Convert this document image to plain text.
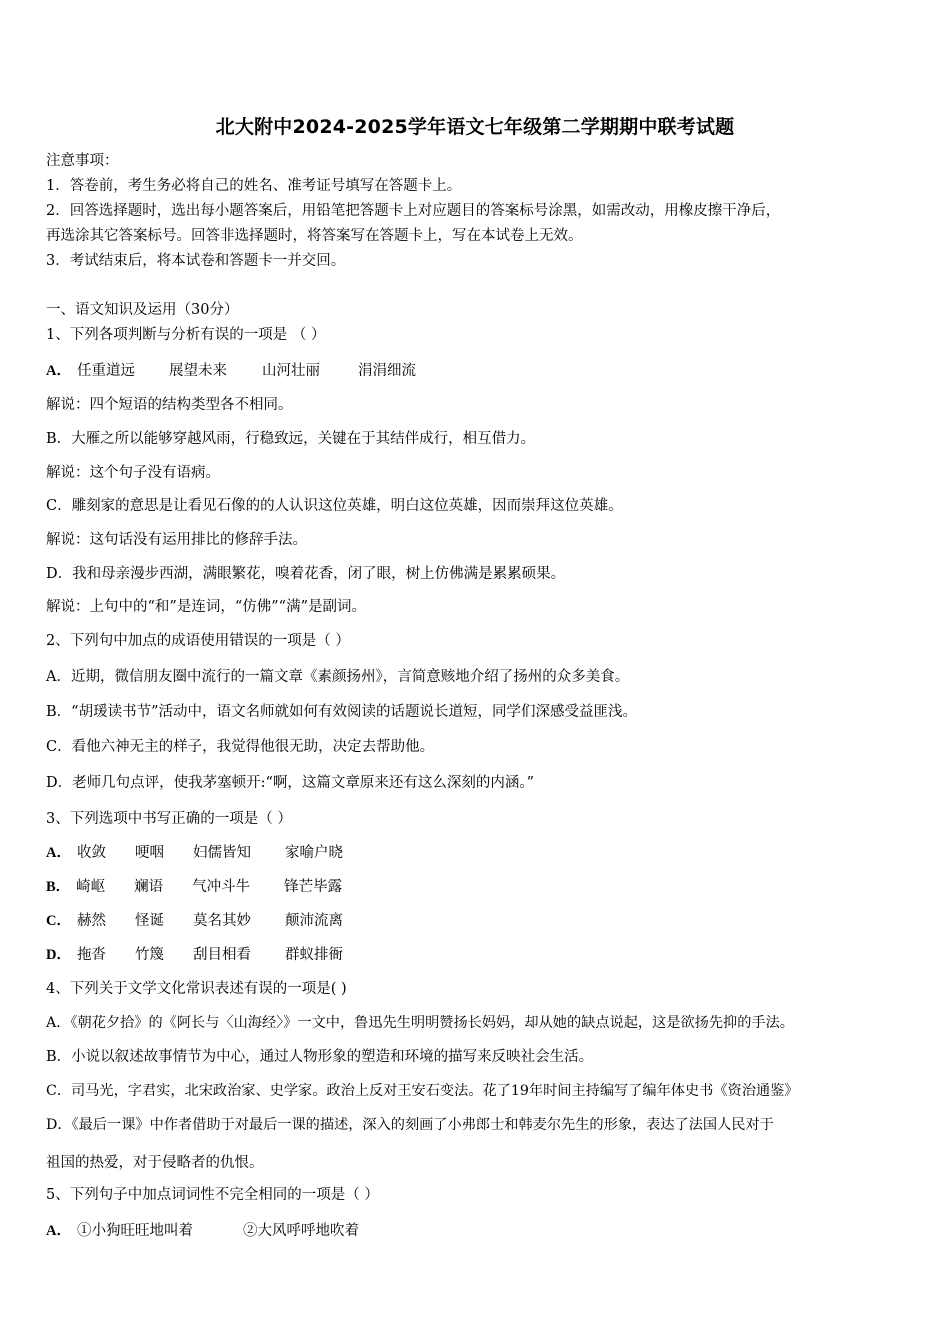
北大附中2024-2025学年语文七年级第二学期期中联考试题
注意事项：
1．答卷前，考生务必将自己的姓名、准考证号填写在答题卡上。
2．回答选择题时，选出每小题答案后，用铅笔把答题卡上对应题目的答案标号涂黑，如需改动，用橡皮擦干净后，
再选涂其它答案标号。回答非选择题时，将答案写在答题卡上，写在本试卷上无效。
3．考试结束后，将本试卷和答题卡一并交回。
一、语文知识及运用（30分）
1、下列各项判断与分析有误的一项是 （ ）
A． 任重道远 展望未来 山河壮丽	涓涓细流
解说：四个短语的结构类型各不相同。
B．大雁之所以能够穿越风雨，行稳致远，关键在于其结伴成行，相互借力。
解说：这个句子没有语病。
C．雕刻家的意思是让看见石像的的人认识这位英雄，明白这位英雄，因而崇拜这位英雄。
解说：这句话没有运用排比的修辞手法。
D．我和母亲漫步西湖，满眼繁花，嗅着花香，闭了眼，树上仿佛满是累累硕果。
解说：上句中的“和”是连词，“仿佛”“满”是副词。
2、下列句中加点的成语使用错误的一项是（ ）
A．近期，微信朋友圈中流行的一篇文章《素颜扬州》，言简意赅地介绍了扬州的众多美食。
B．“胡瑗读书节”活动中，语文名师就如何有效阅读的话题说长道短，同学们深感受益匪浅。
C．看他六神无主的样子，我觉得他很无助，决定去帮助他。
D．老师几句点评，使我茅塞顿开:“啊，这篇文章原来还有这么深刻的内涵。”
3、下列选项中书写正确的一项是（ ）
A． 收敛 哽咽 妇儒皆知 家喻户晓
B． 崎岖 斓语 气冲斗牛 锋芒毕露
C． 赫然 怪诞 莫名其妙 颠沛流离
D． 拖沓 竹篾 刮目相看 群蚁排衙
4、下列关于文学文化常识表述有误的一项是( )
A．《朝花夕拾》的《阿长与〈山海经〉》一文中，鲁迅先生明明赞扬长妈妈，却从她的缺点说起，这是欲扬先抑的手法。
B．小说以叙述故事情节为中心，通过人物形象的塑造和环境的描写来反映社会生活。
C．司马光，字君实，北宋政治家、史学家。政治上反对王安石变法。花了19年时间主持编写了编年体史书《资治通鉴》
D．《最后一课》中作者借助于对最后一课的描述，深入的刻画了小弗郎士和韩麦尔先生的形象，表达了法国人民对于
祖国的热爱，对于侵略者的仇恨。
5、下列句子中加点词词性不完全相同的一项是（ ）
A． ①小狗旺旺地叫着	②大风呼呼地吹着
